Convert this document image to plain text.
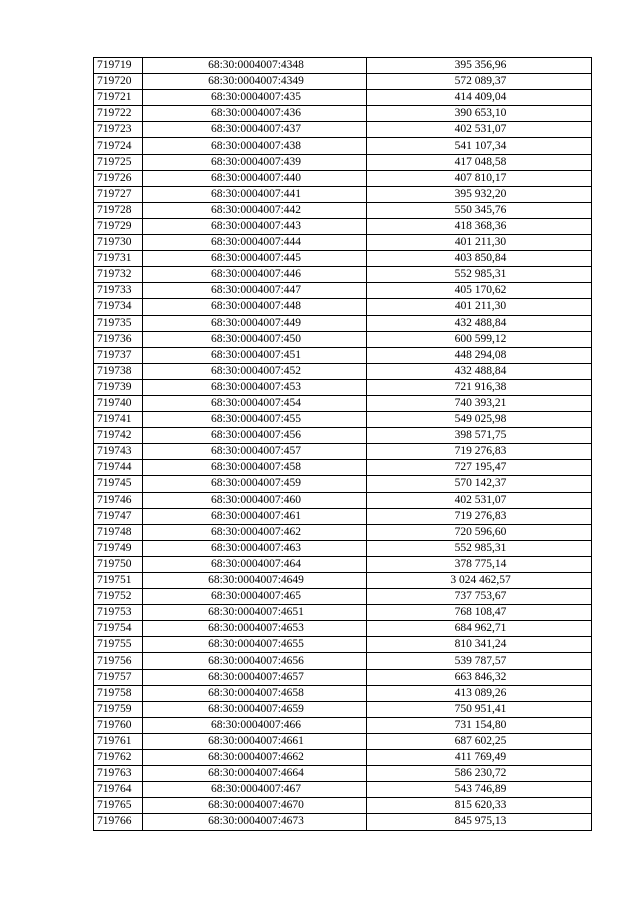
719719	68:30:0004007:4348	395 356,96
719720	68:30:0004007:4349	572 089,37
719721	68:30:0004007:435	414 409,04
719722	68:30:0004007:436	390 653,10
719723	68:30:0004007:437	402 531,07
719724	68:30:0004007:438	541 107,34
719725	68:30:0004007:439	417 048,58
719726	68:30:0004007:440	407 810,17
719727	68:30:0004007:441	395 932,20
719728	68:30:0004007:442	550 345,76
719729	68:30:0004007:443	418 368,36
719730	68:30:0004007:444	401 211,30
719731	68:30:0004007:445	403 850,84
719732	68:30:0004007:446	552 985,31
719733	68:30:0004007:447	405 170,62
719734	68:30:0004007:448	401 211,30
719735	68:30:0004007:449	432 488,84
719736	68:30:0004007:450	600 599,12
719737	68:30:0004007:451	448 294,08
719738	68:30:0004007:452	432 488,84
719739	68:30:0004007:453	721 916,38
719740	68:30:0004007:454	740 393,21
719741	68:30:0004007:455	549 025,98
719742	68:30:0004007:456	398 571,75
719743	68:30:0004007:457	719 276,83
719744	68:30:0004007:458	727 195,47
719745	68:30:0004007:459	570 142,37
719746	68:30:0004007:460	402 531,07
719747	68:30:0004007:461	719 276,83
719748	68:30:0004007:462	720 596,60
719749	68:30:0004007:463	552 985,31
719750	68:30:0004007:464	378 775,14
719751	68:30:0004007:4649	3 024 462,57
719752	68:30:0004007:465	737 753,67
719753	68:30:0004007:4651	768 108,47
719754	68:30:0004007:4653	684 962,71
719755	68:30:0004007:4655	810 341,24
719756	68:30:0004007:4656	539 787,57
719757	68:30:0004007:4657	663 846,32
719758	68:30:0004007:4658	413 089,26
719759	68:30:0004007:4659	750 951,41
719760	68:30:0004007:466	731 154,80
719761	68:30:0004007:4661	687 602,25
719762	68:30:0004007:4662	411 769,49
719763	68:30:0004007:4664	586 230,72
719764	68:30:0004007:467	543 746,89
719765	68:30:0004007:4670	815 620,33
719766	68:30:0004007:4673	845 975,13
